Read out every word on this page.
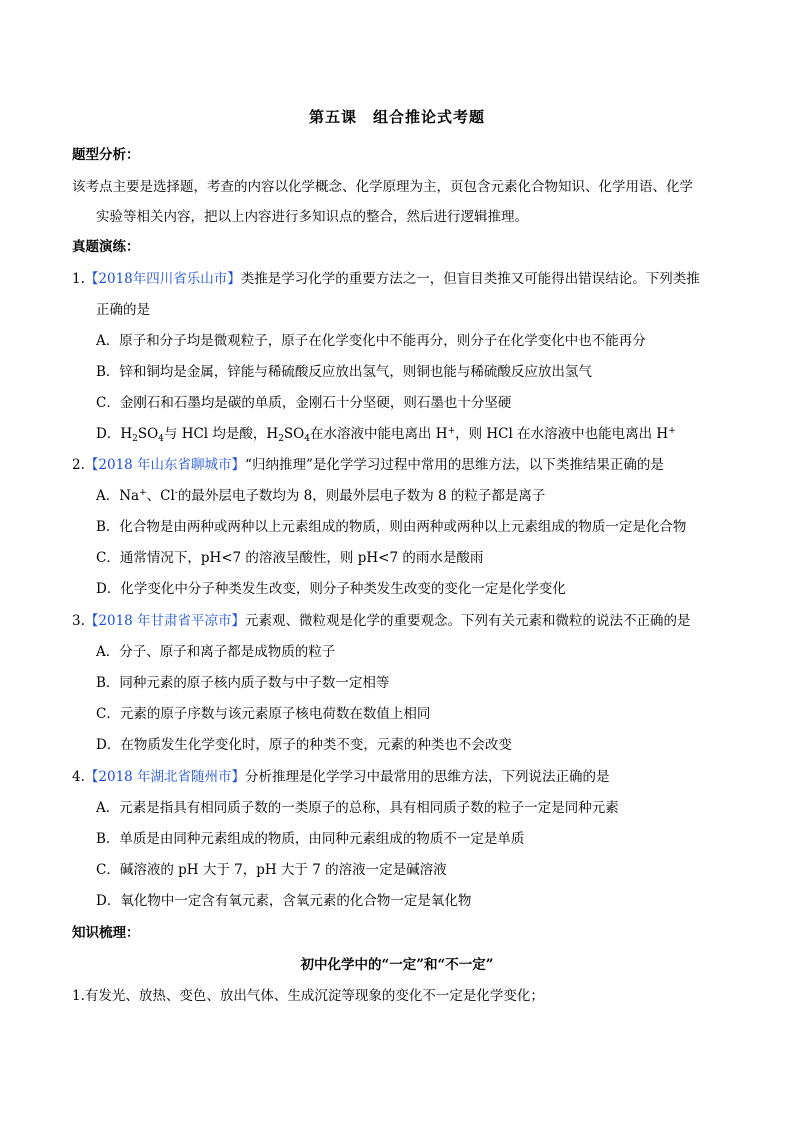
第五课　组合推论式考题
题型分析：
该考点主要是选择题，考查的内容以化学概念、化学原理为主，页包含元素化合物知识、化学用语、化学
实验等相关内容，把以上内容进行多知识点的整合，然后进行逻辑推理。
真题演练：
1.【2018年四川省乐山市】类推是学习化学的重要方法之一，但盲目类推又可能得出错误结论。下列类推
正确的是
A．原子和分子均是微观粒子，原子在化学变化中不能再分，则分子在化学变化中也不能再分
B．锌和铜均是金属，锌能与稀硫酸反应放出氢气，则铜也能与稀硫酸反应放出氢气
C．金刚石和石墨均是碳的单质，金刚石十分坚硬，则石墨也十分坚硬
D．$H_2SO_4$与 HCl 均是酸，$H_2SO_4$在水溶液中能电离出 H+，则 HCl 在水溶液中也能电离出 H+
2.【2018 年山东省聊城市】“归纳推理”是化学学习过程中常用的思维方法，以下类推结果正确的是
A．Na+、Cl-的最外层电子数均为 8，则最外层电子数为 8 的粒子都是离子
B．化合物是由两种或两种以上元素组成的物质，则由两种或两种以上元素组成的物质一定是化合物
C．通常情况下，pH<7 的溶液呈酸性，则 pH<7 的雨水是酸雨
D．化学变化中分子种类发生改变，则分子种类发生改变的变化一定是化学变化
3.【2018 年甘肃省平凉市】元素观、微粒观是化学的重要观念。下列有关元素和微粒的说法不正确的是
A．分子、原子和离子都是成物质的粒子
B．同种元素的原子核内质子数与中子数一定相等
C．元素的原子序数与该元素原子核电荷数在数值上相同
D．在物质发生化学变化时，原子的种类不变，元素的种类也不会改变
4.【2018 年湖北省随州市】分析推理是化学学习中最常用的思维方法，下列说法正确的是
A．元素是指具有相同质子数的一类原子的总称，具有相同质子数的粒子一定是同种元素
B．单质是由同种元素组成的物质，由同种元素组成的物质不一定是单质
C．碱溶液的 pH 大于 7，pH 大于 7 的溶液一定是碱溶液
D．氧化物中一定含有氧元素，含氧元素的化合物一定是氧化物
知识梳理：
初中化学中的“一定”和“不一定”
1.有发光、放热、变色、放出气体、生成沉淀等现象的变化不一定是化学变化；
